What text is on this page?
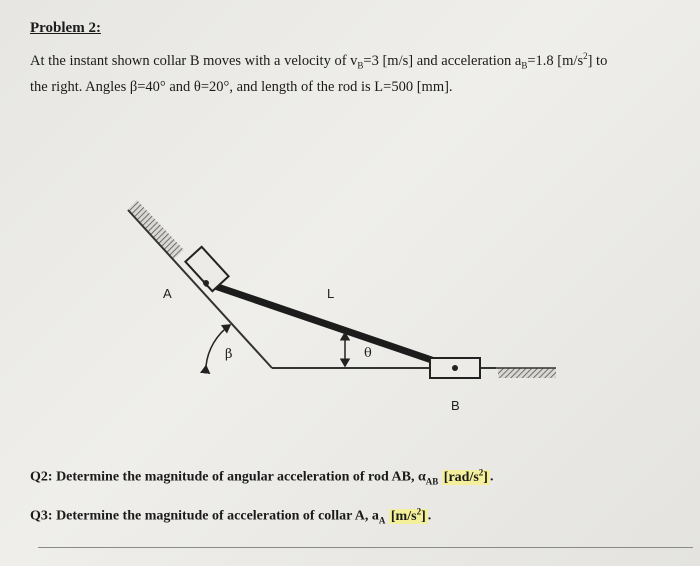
Problem 2:
At the instant shown collar B moves with a velocity of $v_B=3$ [m/s] and acceleration $a_B=1.8$ $[m/s^2]$ to
the right. Angles β=40° and θ=20°, and length of the rod is L=500 [mm].
A	L
β	θ
B
Q2: Determine the magnitude of angular acceleration of rod AB, $\alpha_{AB}$ $[rad/s^2]$ .
Q3: Determine the magnitude of acceleration of collar A, $a_A$ $[m/s^2]$ .
